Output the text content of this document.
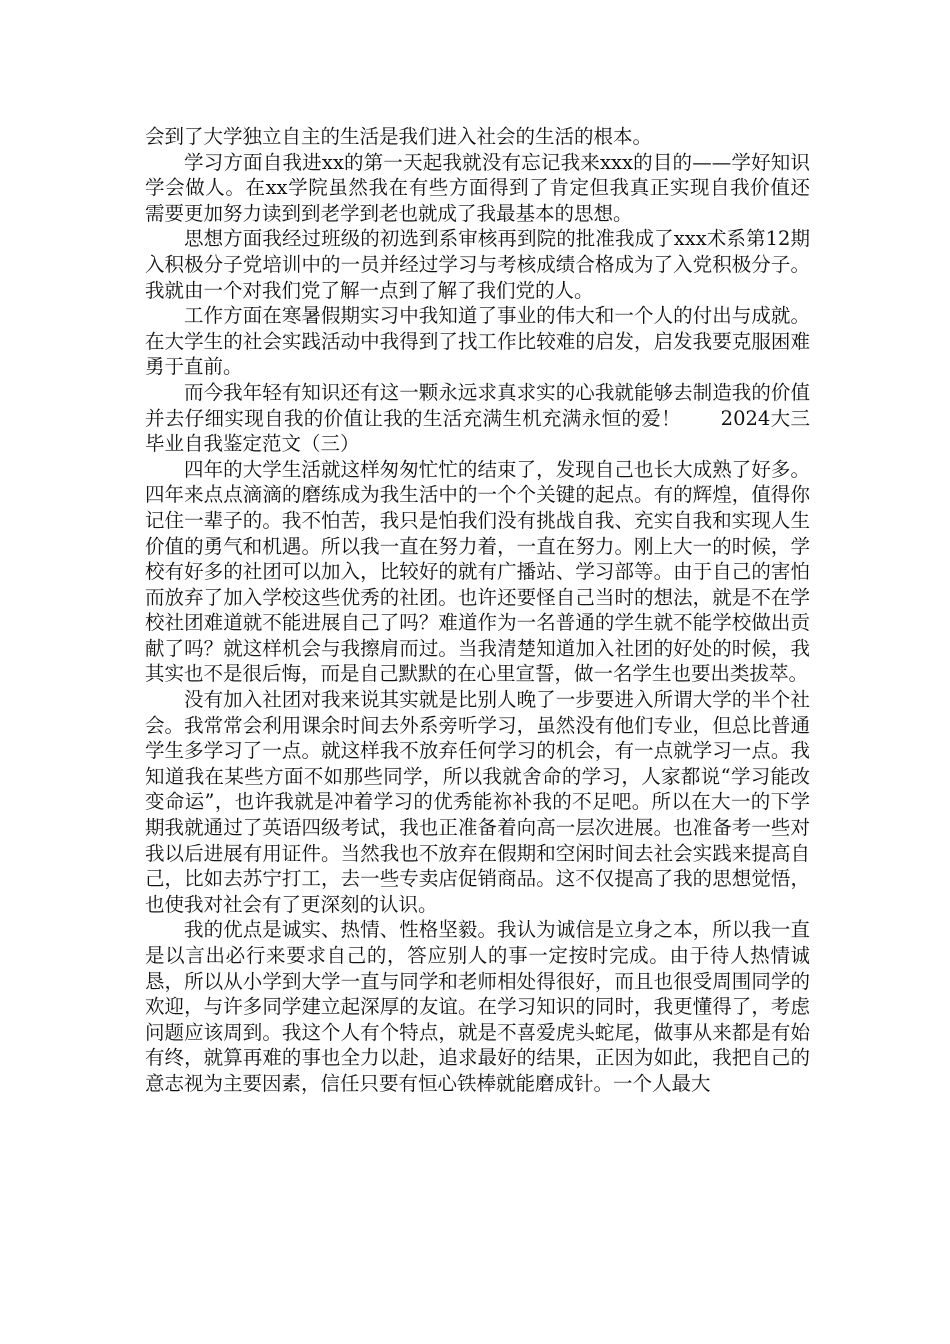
会到了大学独立自主的生活是我们进入社会的生活的根本。

学习方面自我进xx的第一天起我就没有忘记我来xxx的目的——学好知识学会做人。在xx学院虽然我在有些方面得到了肯定但我真正实现自我价值还需要更加努力读到到老学到老也就成了我最基本的思想。

思想方面我经过班级的初选到系审核再到院的批准我成了xxx术系第12期入积极分子党培训中的一员并经过学习与考核成绩合格成为了入党积极分子。我就由一个对我们党了解一点到了解了我们党的人。

工作方面在寒暑假期实习中我知道了事业的伟大和一个人的付出与成就。在大学生的社会实践活动中我得到了找工作比较难的启发，启发我要克服困难勇于直前。

而今我年轻有知识还有这一颗永远求真求实的心我就能够去制造我的价值并去仔细实现自我的价值让我的生活充满生机充满永恒的爱！　　2024大三毕业自我鉴定范文（三）

四年的大学生活就这样匆匆忙忙的结束了，发现自己也长大成熟了好多。四年来点点滴滴的磨练成为我生活中的一个个关键的起点。有的辉煌，值得你记住一辈子的。我不怕苦，我只是怕我们没有挑战自我、充实自我和实现人生价值的勇气和机遇。所以我一直在努力着，一直在努力。刚上大一的时候，学校有好多的社团可以加入，比较好的就有广播站、学习部等。由于自己的害怕而放弃了加入学校这些优秀的社团。也许还要怪自己当时的想法，就是不在学校社团难道就不能进展自己了吗？难道作为一名普通的学生就不能学校做出贡献了吗？就这样机会与我擦肩而过。当我清楚知道加入社团的好处的时候，我其实也不是很后悔，而是自己默默的在心里宣誓，做一名学生也要出类拔萃。

没有加入社团对我来说其实就是比别人晚了一步要进入所谓大学的半个社会。我常常会利用课余时间去外系旁听学习，虽然没有他们专业，但总比普通学生多学习了一点。就这样我不放弃任何学习的机会，有一点就学习一点。我知道我在某些方面不如那些同学，所以我就舍命的学习，人家都说“学习能改变命运”，也许我就是冲着学习的优秀能祢补我的不足吧。所以在大一的下学期我就通过了英语四级考试，我也正准备着向高一层次进展。也准备考一些对我以后进展有用证件。当然我也不放弃在假期和空闲时间去社会实践来提高自己，比如去苏宁打工，去一些专卖店促销商品。这不仅提高了我的思想觉悟，也使我对社会有了更深刻的认识。

我的优点是诚实、热情、性格坚毅。我认为诚信是立身之本，所以我一直是以言出必行来要求自己的，答应别人的事一定按时完成。由于待人热情诚恳，所以从小学到大学一直与同学和老师相处得很好，而且也很受周围同学的欢迎，与许多同学建立起深厚的友谊。在学习知识的同时，我更懂得了，考虑问题应该周到。我这个人有个特点，就是不喜爱虎头蛇尾，做事从来都是有始有终，就算再难的事也全力以赴，追求最好的结果，正因为如此，我把自己的意志视为主要因素，信任只要有恒心铁棒就能磨成针。一个人最大
